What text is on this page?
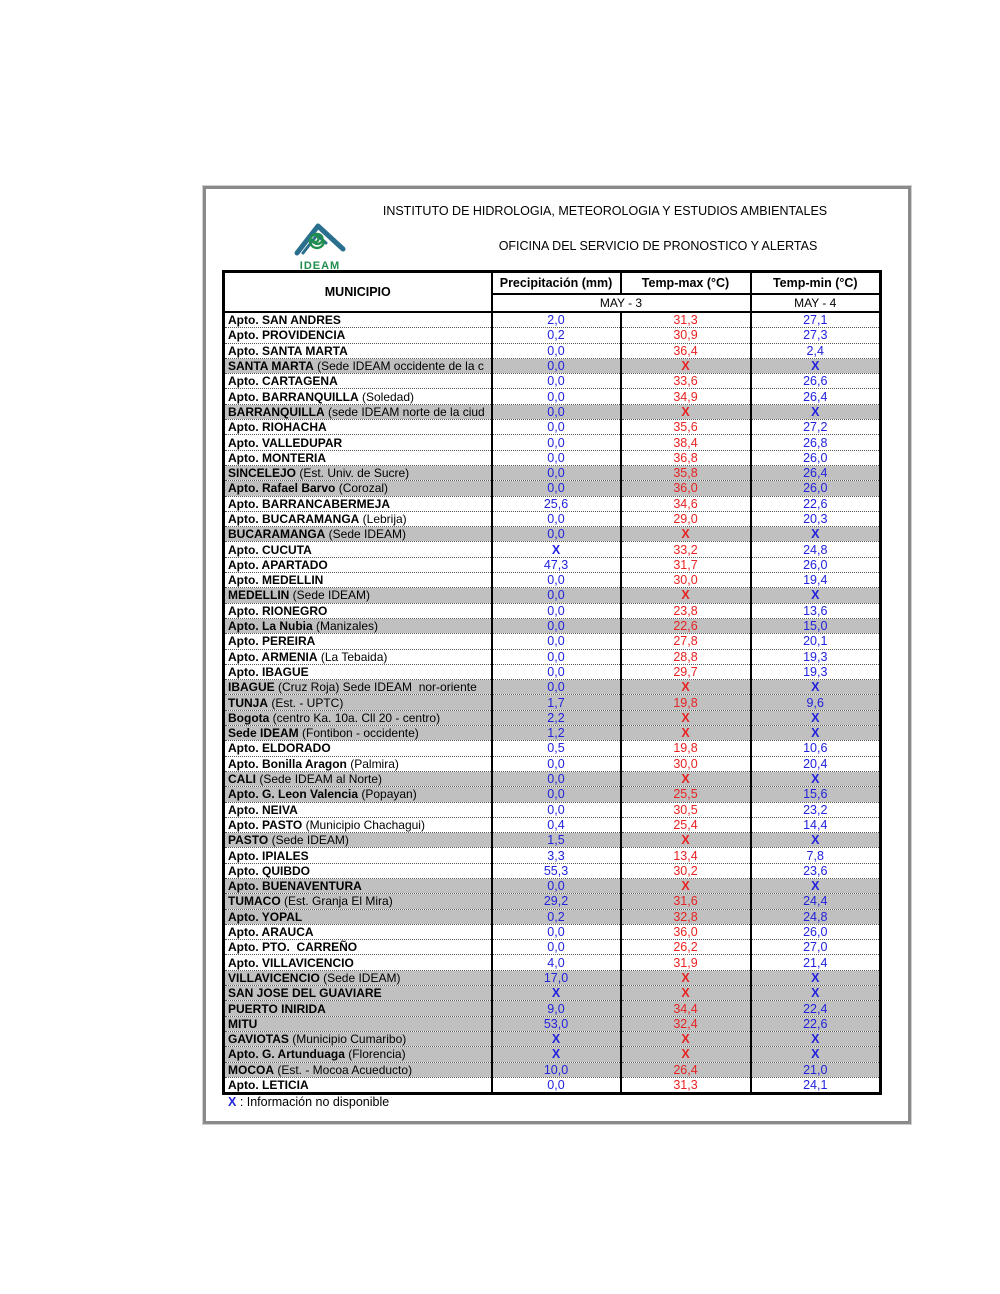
INSTITUTO DE HIDROLOGIA, METEOROLOGIA Y ESTUDIOS AMBIENTALES
OFICINA DEL SERVICIO DE PRONOSTICO Y ALERTAS
IDEAM
MUNICIPIO	Precipitación (mm)	Temp-max (°C)	Temp-min (°C)
	MAY - 3		MAY - 4
Apto. SAN ANDRES	2,0	31,3	27,1
Apto. PROVIDENCIA	0,2	30,9	27,3
Apto. SANTA MARTA	0,0	36,4	2,4
SANTA MARTA (Sede IDEAM occidente de la c	0,0	X	X
Apto. CARTAGENA	0,0	33,6	26,6
Apto. BARRANQUILLA (Soledad)	0,0	34,9	26,4
BARRANQUILLA (sede IDEAM norte de la ciud	0,0	X	X
Apto. RIOHACHA	0,0	35,6	27,2
Apto. VALLEDUPAR	0,0	38,4	26,8
Apto. MONTERIA	0,0	36,8	26,0
SINCELEJO (Est. Univ. de Sucre)	0,0	35,8	26,4
Apto. Rafael Barvo (Corozal)	0,0	36,0	26,0
Apto. BARRANCABERMEJA	25,6	34,6	22,6
Apto. BUCARAMANGA (Lebrija)	0,0	29,0	20,3
BUCARAMANGA (Sede IDEAM)	0,0	X	X
Apto. CUCUTA	X	33,2	24,8
Apto. APARTADO	47,3	31,7	26,0
Apto. MEDELLIN	0,0	30,0	19,4
MEDELLIN (Sede IDEAM)	0,0	X	X
Apto. RIONEGRO	0,0	23,8	13,6
Apto. La Nubia (Manizales)	0,0	22,6	15,0
Apto. PEREIRA	0,0	27,8	20,1
Apto. ARMENIA (La Tebaida)	0,0	28,8	19,3
Apto. IBAGUE	0,0	29,7	19,3
IBAGUE (Cruz Roja) Sede IDEAM  nor-oriente	0,0	X	X
TUNJA (Est. - UPTC)	1,7	19,8	9,6
Bogota (centro Ka. 10a. Cll 20 - centro)	2,2	X	X
Sede IDEAM (Fontibon - occidente)	1,2	X	X
Apto. ELDORADO	0,5	19,8	10,6
Apto. Bonilla Aragon (Palmira)	0,0	30,0	20,4
CALI (Sede IDEAM al Norte)	0,0	X	X
Apto. G. Leon Valencia (Popayan)	0,0	25,5	15,6
Apto. NEIVA	0,0	30,5	23,2
Apto. PASTO (Municipio Chachagui)	0,4	25,4	14,4
PASTO (Sede IDEAM)	1,5	X	X
Apto. IPIALES	3,3	13,4	7,8
Apto. QUIBDO	55,3	30,2	23,6
Apto. BUENAVENTURA	0,0	X	X
TUMACO (Est. Granja El Mira)	29,2	31,6	24,4
Apto. YOPAL	0,2	32,8	24,8
Apto. ARAUCA	0,0	36,0	26,0
Apto. PTO.  CARREÑO	0,0	26,2	27,0
Apto. VILLAVICENCIO	4,0	31,9	21,4
VILLAVICENCIO (Sede IDEAM)	17,0	X	X
SAN JOSE DEL GUAVIARE	X	X	X
PUERTO INIRIDA	9,0	34,4	22,4
MITU	53,0	32,4	22,6
GAVIOTAS (Municipio Cumaribo)	X	X	X
Apto. G. Artunduaga (Florencia)	X	X	X
MOCOA (Est. - Mocoa Acueducto)	10,0	26,4	21,0
Apto. LETICIA	0,0	31,3	24,1
X : Información no disponible
